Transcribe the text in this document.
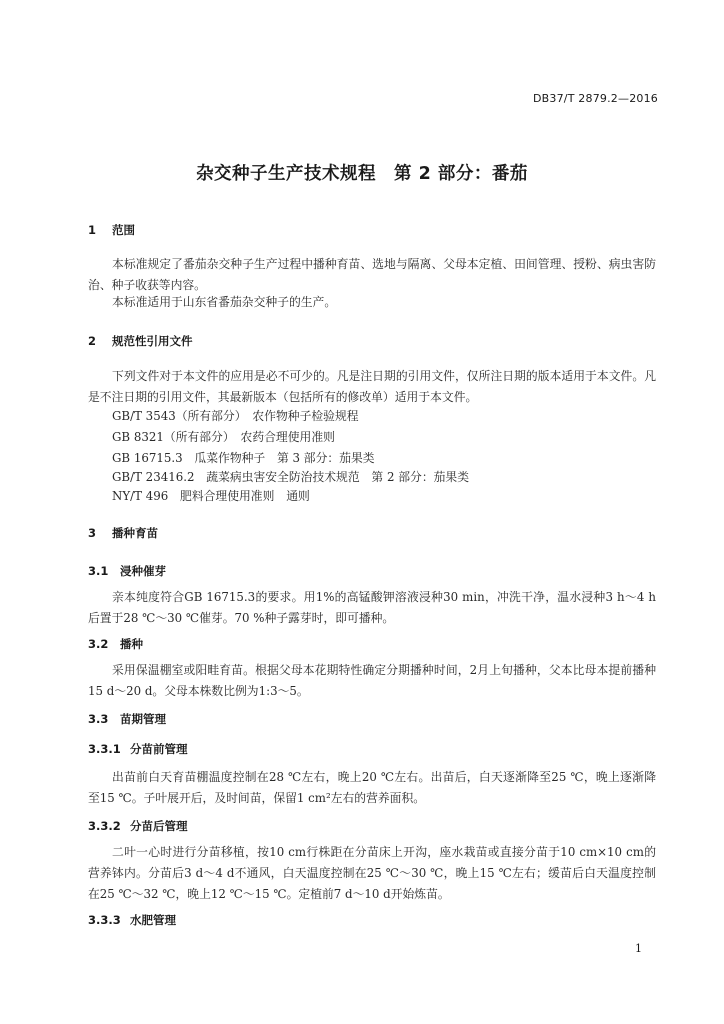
DB37/T 2879.2—2016
杂交种子生产技术规程　第 2 部分：番茄
1 范围
本标准规定了番茄杂交种子生产过程中播种育苗、选地与隔离、父母本定植、田间管理、授粉、病虫害防治、种子收获等内容。
本标准适用于山东省番茄杂交种子的生产。
2 规范性引用文件
下列文件对于本文件的应用是必不可少的。凡是注日期的引用文件，仅所注日期的版本适用于本文件。凡是不注日期的引用文件，其最新版本（包括所有的修改单）适用于本文件。
GB/T 3543（所有部分）　农作物种子检验规程
GB 8321（所有部分）　农药合理使用准则
GB 16715.3　瓜菜作物种子　第 3 部分：茄果类
GB/T 23416.2　蔬菜病虫害安全防治技术规范　第 2 部分：茄果类
NY/T 496　肥料合理使用准则　通则
3 播种育苗
3.1 浸种催芽
亲本纯度符合GB 16715.3的要求。用1%的高锰酸钾溶液浸种30 min，冲洗干净，温水浸种3 h～4 h后置于28 ℃～30 ℃催芽。70 %种子露芽时，即可播种。
3.2 播种
采用保温棚室或阳畦育苗。根据父母本花期特性确定分期播种时间，2月上旬播种，父本比母本提前播种15 d～20 d。父母本株数比例为1:3～5。
3.3 苗期管理
3.3.1 分苗前管理
出苗前白天育苗棚温度控制在28 ℃左右，晚上20 ℃左右。出苗后，白天逐渐降至25 ℃，晚上逐渐降至15 ℃。子叶展开后，及时间苗，保留1 cm²左右的营养面积。
3.3.2 分苗后管理
二叶一心时进行分苗移植，按10 cm行株距在分苗床上开沟，座水栽苗或直接分苗于10 cm×10 cm的营养钵内。分苗后3 d～4 d不通风，白天温度控制在25 ℃～30 ℃，晚上15 ℃左右；缓苗后白天温度控制在25 ℃～32 ℃，晚上12 ℃～15 ℃。定植前7 d～10 d开始炼苗。
3.3.3 水肥管理
1
